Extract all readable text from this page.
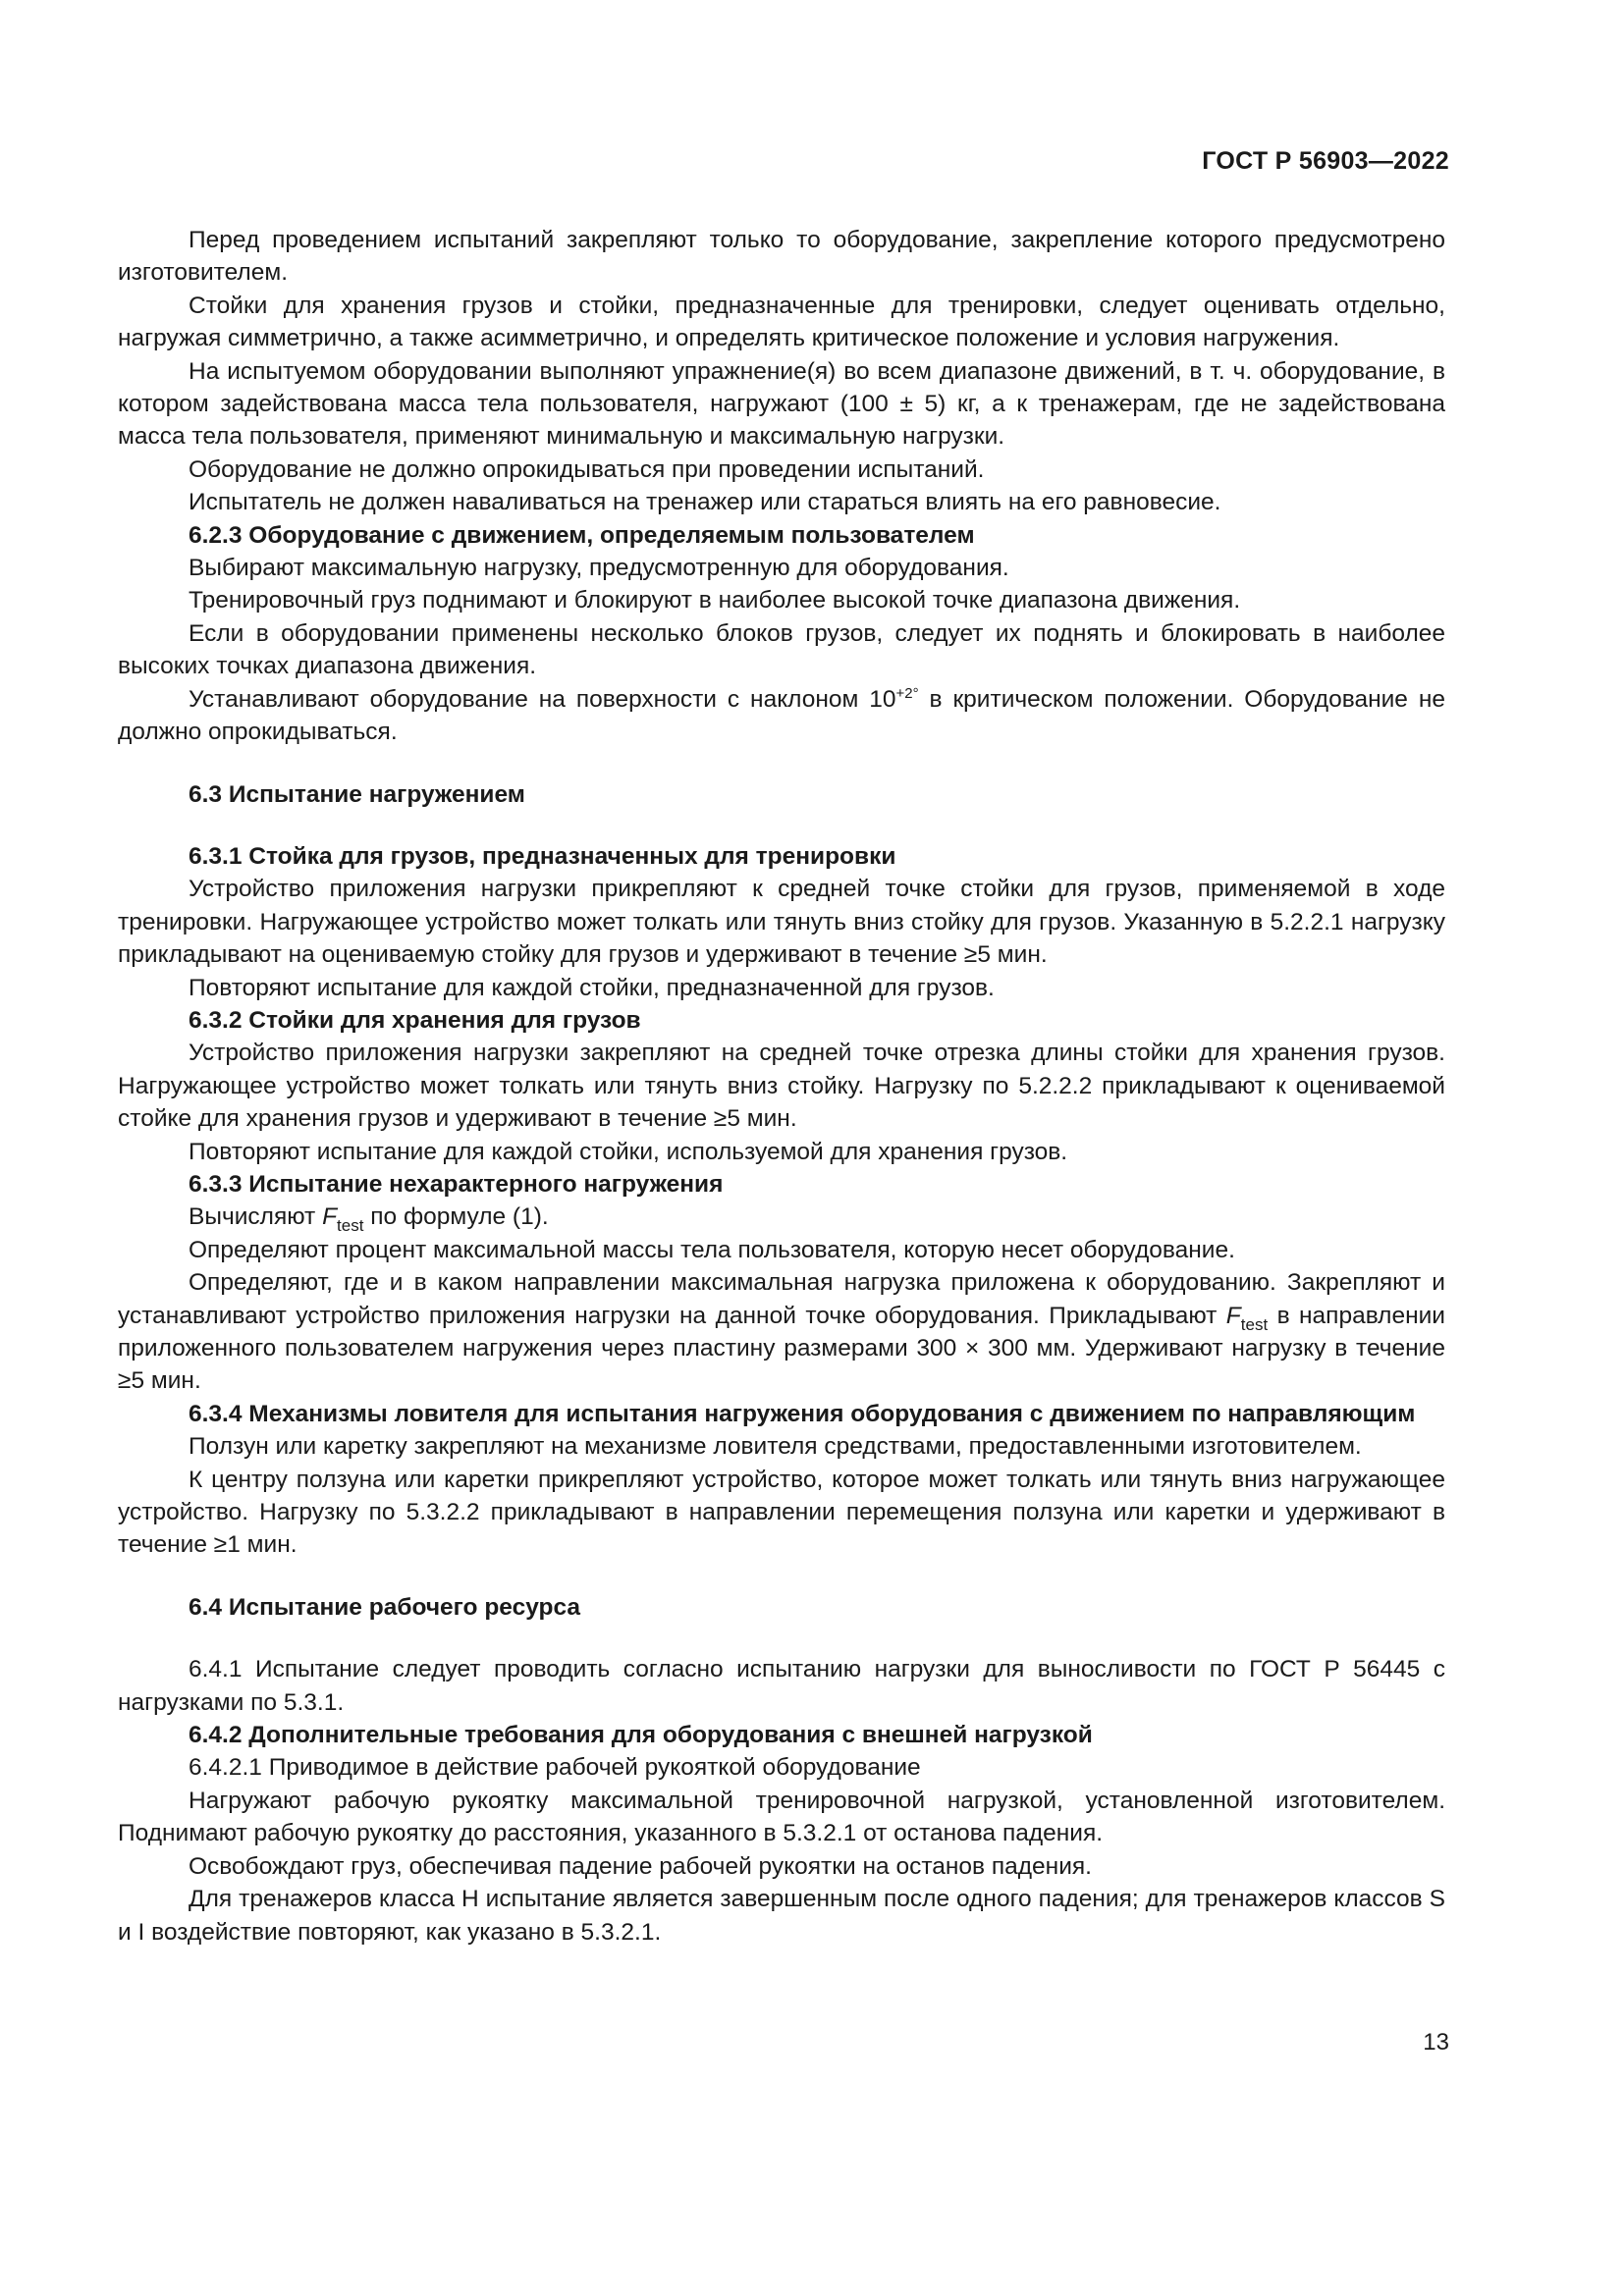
ГОСТ Р 56903—2022

Перед проведением испытаний закрепляют только то оборудование, закрепление которого предусмотрено изготовителем.

Стойки для хранения грузов и стойки, предназначенные для тренировки, следует оценивать отдельно, нагружая симметрично, а также асимметрично, и определять критическое положение и условия нагружения.

На испытуемом оборудовании выполняют упражнение(я) во всем диапазоне движений, в т. ч. оборудование, в котором задействована масса тела пользователя, нагружают (100 ± 5) кг, а к тренажерам, где не задействована масса тела пользователя, применяют минимальную и максимальную нагрузки.

Оборудование не должно опрокидываться при проведении испытаний.

Испытатель не должен наваливаться на тренажер или стараться влиять на его равновесие.

6.2.3 Оборудование с движением, определяемым пользователем

Выбирают максимальную нагрузку, предусмотренную для оборудования.

Тренировочный груз поднимают и блокируют в наиболее высокой точке диапазона движения.

Если в оборудовании применены несколько блоков грузов, следует их поднять и блокировать в наиболее высоких точках диапазона движения.

Устанавливают оборудование на поверхности с наклоном $10^{+2^\circ}$ в критическом положении. Оборудование не должно опрокидываться.

6.3 Испытание нагружением

6.3.1 Стойка для грузов, предназначенных для тренировки

Устройство приложения нагрузки прикрепляют к средней точке стойки для грузов, применяемой в ходе тренировки. Нагружающее устройство может толкать или тянуть вниз стойку для грузов. Указанную в 5.2.2.1 нагрузку прикладывают на оцениваемую стойку для грузов и удерживают в течение ≥5 мин.

Повторяют испытание для каждой стойки, предназначенной для грузов.

6.3.2 Стойки для хранения для грузов

Устройство приложения нагрузки закрепляют на средней точке отрезка длины стойки для хранения грузов. Нагружающее устройство может толкать или тянуть вниз стойку. Нагрузку по 5.2.2.2 прикладывают к оцениваемой стойке для хранения грузов и удерживают в течение ≥5 мин.

Повторяют испытание для каждой стойки, используемой для хранения грузов.

6.3.3 Испытание нехарактерного нагружения

Вычисляют $F_{test}$ по формуле (1).

Определяют процент максимальной массы тела пользователя, которую несет оборудование.

Определяют, где и в каком направлении максимальная нагрузка приложена к оборудованию. Закрепляют и устанавливают устройство приложения нагрузки на данной точке оборудования. Прикладывают $F_{test}$ в направлении приложенного пользователем нагружения через пластину размерами 300 × 300 мм. Удерживают нагрузку в течение ≥5 мин.

6.3.4 Механизмы ловителя для испытания нагружения оборудования с движением по направляющим

Ползун или каретку закрепляют на механизме ловителя средствами, предоставленными изготовителем.

К центру ползуна или каретки прикрепляют устройство, которое может толкать или тянуть вниз нагружающее устройство. Нагрузку по 5.3.2.2 прикладывают в направлении перемещения ползуна или каретки и удерживают в течение ≥1 мин.

6.4 Испытание рабочего ресурса

6.4.1 Испытание следует проводить согласно испытанию нагрузки для выносливости по ГОСТ Р 56445 с нагрузками по 5.3.1.

6.4.2 Дополнительные требования для оборудования с внешней нагрузкой

6.4.2.1 Приводимое в действие рабочей рукояткой оборудование

Нагружают рабочую рукоятку максимальной тренировочной нагрузкой, установленной изготовителем. Поднимают рабочую рукоятку до расстояния, указанного в 5.3.2.1 от останова падения.

Освобождают груз, обеспечивая падение рабочей рукоятки на останов падения.

Для тренажеров класса Н испытание является завершенным после одного падения; для тренажеров классов S и I воздействие повторяют, как указано в 5.3.2.1.

13
